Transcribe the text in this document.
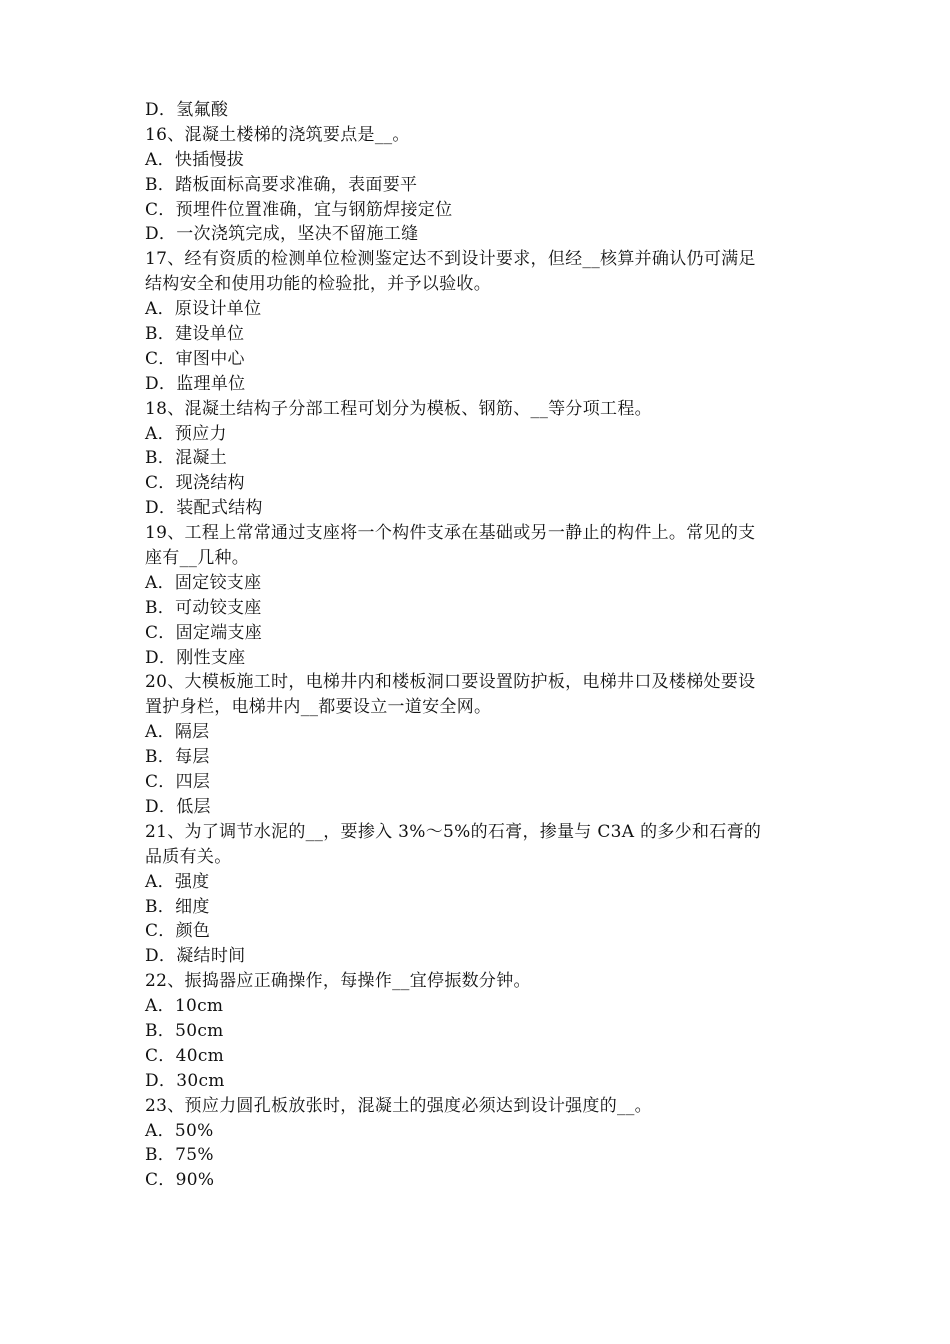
D．氢氟酸
16、混凝土楼梯的浇筑要点是__。
A．快插慢拔
B．踏板面标高要求准确，表面要平
C．预埋件位置准确，宜与钢筋焊接定位
D．一次浇筑完成，坚决不留施工缝
17、经有资质的检测单位检测鉴定达不到设计要求，但经__核算并确认仍可满足
结构安全和使用功能的检验批，并予以验收。
A．原设计单位
B．建设单位
C．审图中心
D．监理单位
18、混凝土结构子分部工程可划分为模板、钢筋、__等分项工程。
A．预应力
B．混凝土
C．现浇结构
D．装配式结构
19、工程上常常通过支座将一个构件支承在基础或另一静止的构件上。常见的支
座有__几种。
A．固定铰支座
B．可动铰支座
C．固定端支座
D．刚性支座
20、大模板施工时，电梯井内和楼板洞口要设置防护板，电梯井口及楼梯处要设
置护身栏，电梯井内__都要设立一道安全网。
A．隔层
B．每层
C．四层
D．低层
21、为了调节水泥的__，要掺入 3%～5%的石膏，掺量与 C3A 的多少和石膏的
品质有关。
A．强度
B．细度
C．颜色
D．凝结时间
22、振捣器应正确操作，每操作__宜停振数分钟。
A．10cm
B．50cm
C．40cm
D．30cm
23、预应力圆孔板放张时，混凝土的强度必须达到设计强度的__。
A．50%
B．75%
C．90%
